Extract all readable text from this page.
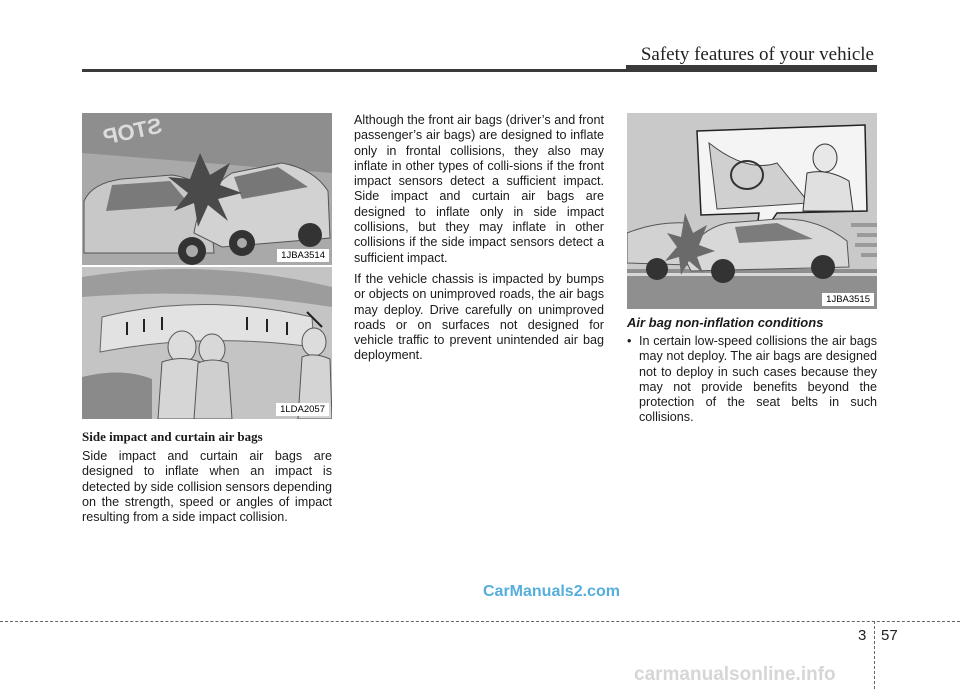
Safety features of your vehicle
STOP
1JBA3514
1LDA2057
Side impact and curtain air bags

Side impact and curtain air bags are designed to inflate when an impact is detected by side collision sensors depending on the strength, speed or angles of impact resulting from a side impact collision.

Although the front air bags (driver’s and front passenger’s air bags) are designed to inflate only in frontal collisions, they also may inflate in other types of colli-sions if the front impact sensors detect a sufficient impact. Side impact and curtain air bags are designed to inflate only in side impact collisions, but they may inflate in other collisions if the side impact sensors detect a sufficient impact.

If the vehicle chassis is impacted by bumps or objects on unimproved roads, the air bags may deploy. Drive carefully on unimproved roads or on surfaces not designed for vehicle traffic to prevent unintended air bag deployment.

1JBA3515
Air bag non-inflation conditions
• In certain low-speed collisions the air bags may not deploy. The air bags are designed not to deploy in such cases because they may not provide benefits beyond the protection of the seat belts in such collisions.
CarManuals2.com
3 57
carmanualsonline.info
